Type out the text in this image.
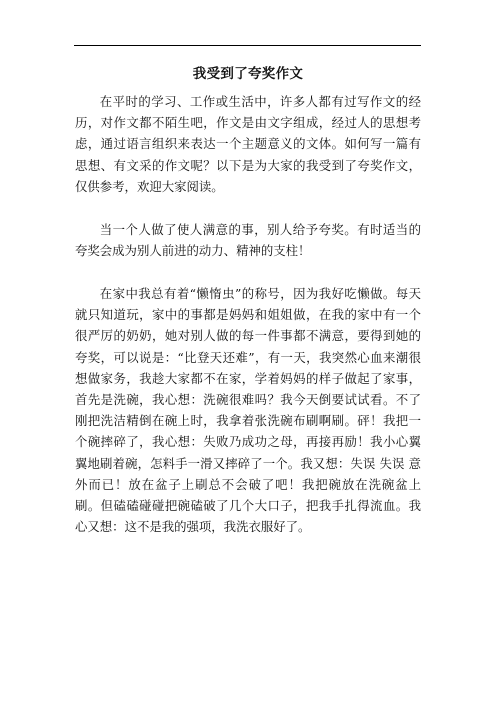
我受到了夸奖作文

在平时的学习、工作或生活中，许多人都有过写作文的经历，对作文都不陌生吧，作文是由文字组成，经过人的思想考虑，通过语言组织来表达一个主题意义的文体。如何写一篇有思想、有文采的作文呢？以下是为大家的我受到了夸奖作文，仅供参考，欢迎大家阅读。

当一个人做了使人满意的事，别人给予夸奖。有时适当的夸奖会成为别人前进的动力、精神的支柱！

在家中我总有着“懒惰虫”的称号，因为我好吃懒做。每天就只知道玩，家中的事都是妈妈和姐姐做，在我的家中有一个很严厉的奶奶，她对别人做的每一件事都不满意，要得到她的夸奖，可以说是：“比登天还难”，有一天，我突然心血来潮很想做家务，我趁大家都不在家，学着妈妈的样子做起了家事，首先是洗碗，我心想：洗碗很难吗？我今天倒要试试看。不了刚把洗洁精倒在碗上时，我拿着张洗碗布刷啊刷。砰！我把一个碗摔碎了，我心想：失败乃成功之母，再接再励！我小心翼翼地刷着碗，怎料手一滑又摔碎了一个。我又想：失误 失误 意外而已！放在盆子上刷总不会破了吧！我把碗放在洗碗盆上刷。但磕磕碰碰把碗磕破了几个大口子，把我手扎得流血。我心又想：这不是我的强项，我洗衣服好了。
